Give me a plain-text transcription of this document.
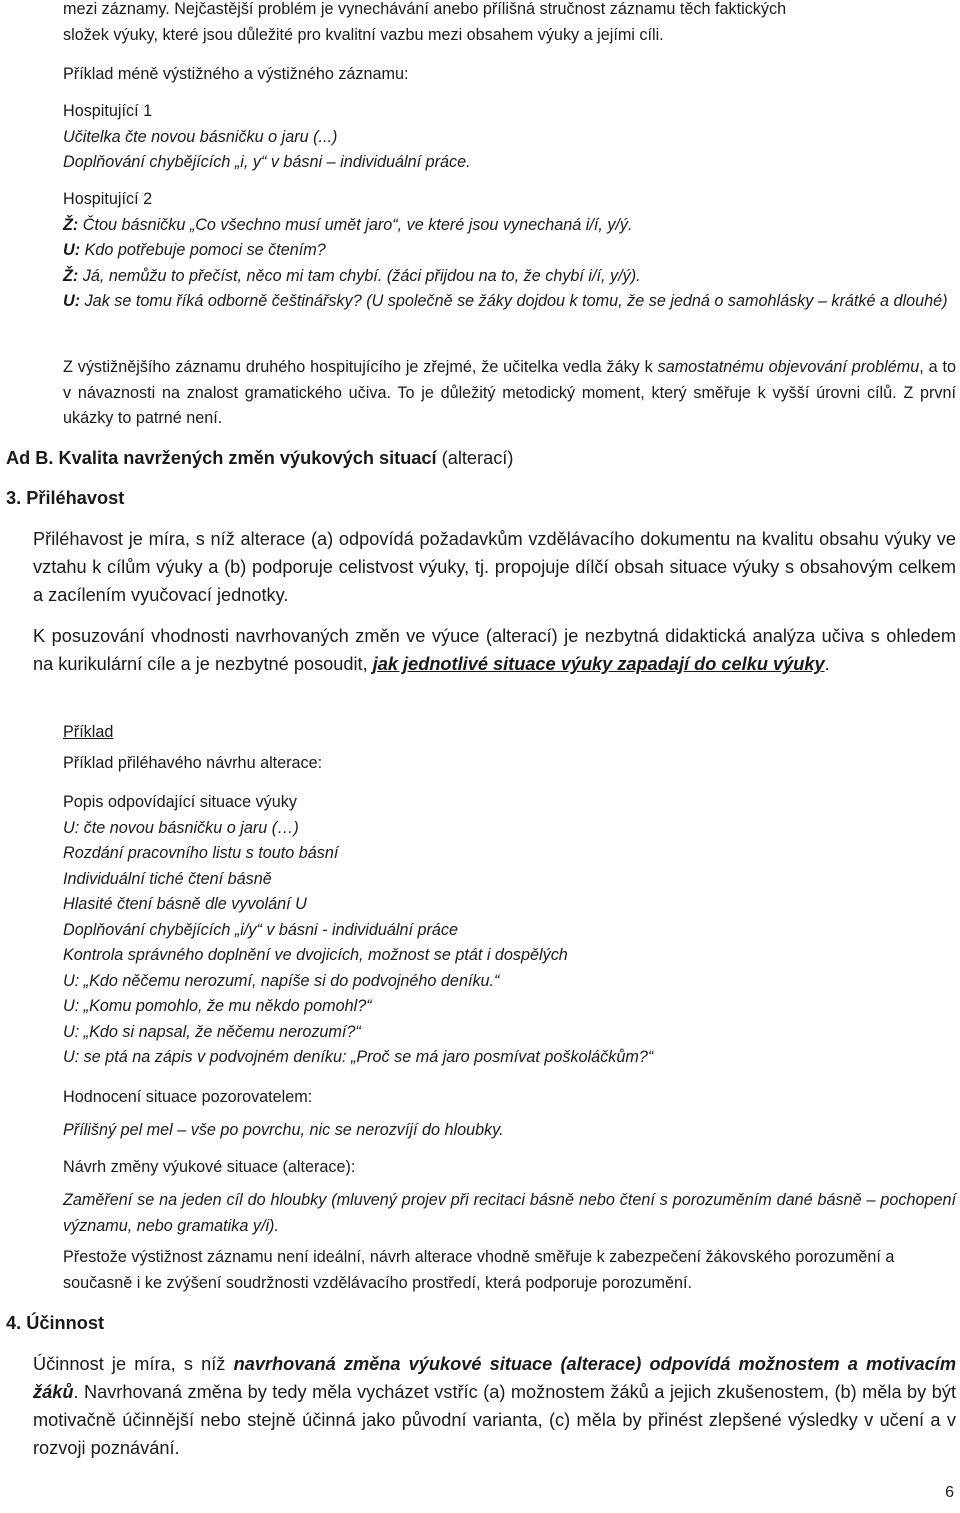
mezi záznamy. Nejčastější problém je vynechávání anebo přílišná stručnost záznamu těch faktických

složek výuky, které jsou důležité pro kvalitní vazbu mezi obsahem výuky a jejími cíli.

Příklad méně výstižného a výstižného záznamu:

Hospitující 1

Učitelka čte novou básničku o jaru (...)

Doplňování chybějících „i, y“ v básni – individuální práce.

Hospitující 2

Ž: Čtou básničku „Co všechno musí umět jaro“, ve které jsou vynechaná i/í, y/ý.

U: Kdo potřebuje pomoci se čtením?

Ž: Já, nemůžu to přečíst, něco mi tam chybí. (žáci přijdou na to, že chybí i/í, y/ý).

U: Jak se tomu říká odborně češtinářsky? (U společně se žáky dojdou k tomu, že se jedná o samohlásky – krátké a dlouhé)

Z výstižnějšího záznamu druhého hospitujícího je zřejmé, že učitelka vedla žáky k samostatnému objevování problému, a to v návaznosti na znalost gramatického učiva. To je důležitý metodický moment, který směřuje k vyšší úrovni cílů. Z první ukázky to patrné není.

Ad B. Kvalita navržených změn výukových situací (alterací)

3. Přiléhavost

Přiléhavost je míra, s níž alterace (a) odpovídá požadavkům vzdělávacího dokumentu na kvalitu obsahu výuky ve vztahu k cílům výuky a (b) podporuje celistvost výuky, tj. propojuje dílčí obsah situace výuky s obsahovým celkem a zacílením vyučovací jednotky.

K posuzování vhodnosti navrhovaných změn ve výuce (alterací) je nezbytná didaktická analýza učiva s ohledem na kurikulární cíle a je nezbytné posoudit, jak jednotlivé situace výuky zapadají do celku výuky.

Příklad

Příklad přiléhavého návrhu alterace:

Popis odpovídající situace výuky

U: čte novou básničku o jaru (…)

Rozdání pracovního listu s touto básní

Individuální tiché čtení básně

Hlasité čtení básně dle vyvolání U

Doplňování chybějících „i/y“ v básni - individuální práce

Kontrola správného doplnění ve dvojicích, možnost se ptát i dospělých

U: „Kdo něčemu nerozumí, napíše si do podvojného deníku.“

U: „Komu pomohlo, že mu někdo pomohl?“

U: „Kdo si napsal, že něčemu nerozumí?“

U: se ptá na zápis v podvojném deníku: „Proč se má jaro posmívat poškoláčkům?“

Hodnocení situace pozorovatelem:

Přílišný pel mel – vše po povrchu, nic se nerozvíjí do hloubky.

Návrh změny výukové situace (alterace):

Zaměření se na jeden cíl do hloubky (mluvený projev při recitaci básně nebo čtení s porozuměním dané básně – pochopení významu, nebo gramatika y/i).

Přestože výstižnost záznamu není ideální, návrh alterace vhodně směřuje k zabezpečení žákovského porozumění a současně i ke zvýšení soudržnosti vzdělávacího prostředí, která podporuje porozumění.

4. Účinnost

Účinnost je míra, s níž navrhovaná změna výukové situace (alterace) odpovídá možnostem a motivacím žáků. Navrhovaná změna by tedy měla vycházet vstříc (a) možnostem žáků a jejich zkušenostem, (b) měla by být motivačně účinnější nebo stejně účinná jako původní varianta, (c) měla by přinést zlepšené výsledky v učení a v rozvoji poznávání.

6
